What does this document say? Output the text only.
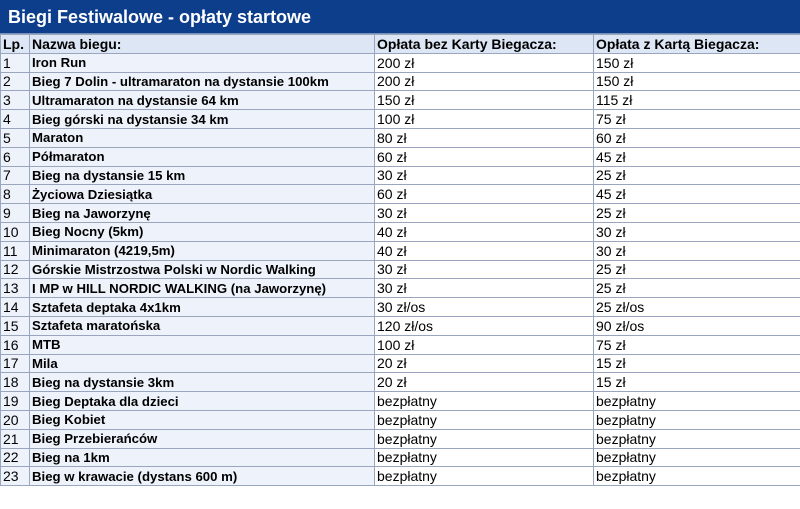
Biegi Festiwalowe - opłaty startowe
Lp.	Nazwa biegu:	Opłata bez Karty Biegacza:	Opłata z Kartą Biegacza:
1	Iron Run	200 zł	150 zł
2	Bieg 7 Dolin - ultramaraton na dystansie 100km	200 zł	150 zł
3	Ultramaraton na dystansie 64 km	150 zł	115 zł
4	Bieg górski na dystansie 34 km	100 zł	75 zł
5	Maraton	80 zł	60 zł
6	Półmaraton	60 zł	45 zł
7	Bieg na dystansie 15 km	30 zł	25 zł
8	Życiowa Dziesiątka	60 zł	45 zł
9	Bieg na Jaworzynę	30 zł	25 zł
10	Bieg Nocny (5km)	40 zł	30 zł
11	Minimaraton (4219,5m)	40 zł	30 zł
12	Górskie Mistrzostwa Polski w Nordic Walking	30 zł	25 zł
13	I MP w HILL NORDIC WALKING (na Jaworzynę)	30 zł	25 zł
14	Sztafeta deptaka 4x1km	30 zł/os	25 zł/os
15	Sztafeta maratońska	120 zł/os	90 zł/os
16	MTB	100 zł	75 zł
17	Mila	20 zł	15 zł
18	Bieg na dystansie 3km	20 zł	15 zł
19	Bieg Deptaka dla dzieci	bezpłatny	bezpłatny
20	Bieg Kobiet	bezpłatny	bezpłatny
21	Bieg Przebierańców	bezpłatny	bezpłatny
22	Bieg na 1km	bezpłatny	bezpłatny
23	Bieg w krawacie (dystans 600 m)	bezpłatny	bezpłatny
